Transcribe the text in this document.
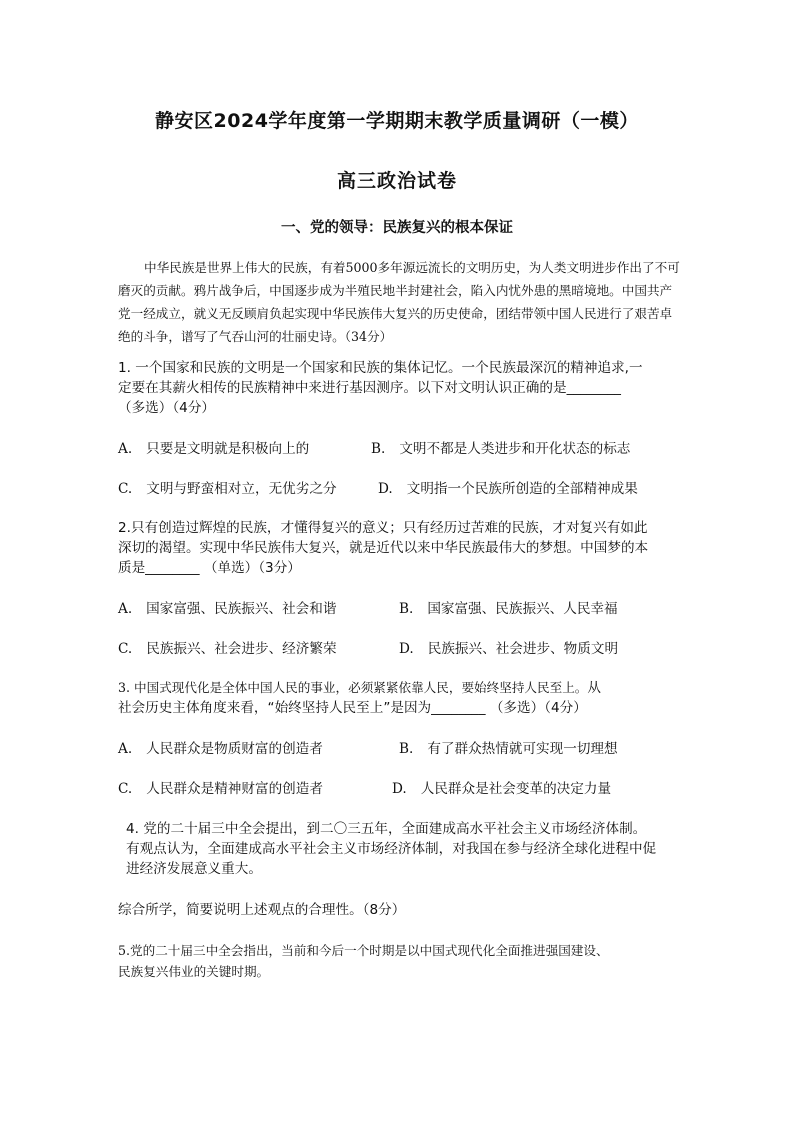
静安区2024学年度第一学期期末教学质量调研（一模）
高三政治试卷
一、党的领导：民族复兴的根本保证
中华民族是世界上伟大的民族，有着5000多年源远流长的文明历史，为人类文明进步作出了不可磨灭的贡献。鸦片战争后，中国逐步成为半殖民地半封建社会，陷入内忧外患的黑暗境地。中国共产党一经成立，就义无反顾肩负起实现中华民族伟大复兴的历史使命，团结带领中国人民进行了艰苦卓绝的斗争，谱写了气吞山河的壮丽史诗。（34分）
1. 一个国家和民族的文明是一个国家和民族的集体记忆。一个民族最深沉的精神追求,一
定要在其薪火相传的民族精神中来进行基因测序。以下对文明认识正确的是________
（多选）（4分）
A. 只要是文明就是积极向上的	B. 文明不都是人类进步和开化状态的标志
C. 文明与野蛮相对立，无优劣之分	D. 文明指一个民族所创造的全部精神成果
2.只有创造过辉煌的民族，才懂得复兴的意义；只有经历过苦难的民族，才对复兴有如此
深切的渴望。实现中华民族伟大复兴，就是近代以来中华民族最伟大的梦想。中国梦的本
质是________ （单选）（3分）
A. 国家富强、民族振兴、社会和谐	B. 国家富强、民族振兴、人民幸福
C. 民族振兴、社会进步、经济繁荣	D. 民族振兴、社会进步、物质文明
3. 中国式现代化是全体中国人民的事业，必须紧紧依靠人民，要始终坚持人民至上。从
社会历史主体角度来看，“始终坚持人民至上”是因为________ （多选）（4分）
A. 人民群众是物质财富的创造者	B. 有了群众热情就可实现一切理想
C. 人民群众是精神财富的创造者	D. 人民群众是社会变革的决定力量
4. 党的二十届三中全会提出，到二〇三五年，全面建成高水平社会主义市场经济体制。
有观点认为，全面建成高水平社会主义市场经济体制，对我国在参与经济全球化进程中促
进经济发展意义重大。
综合所学，简要说明上述观点的合理性。（8分）
5.党的二十届三中全会指出，当前和今后一个时期是以中国式现代化全面推进强国建设、
民族复兴伟业的关键时期。
